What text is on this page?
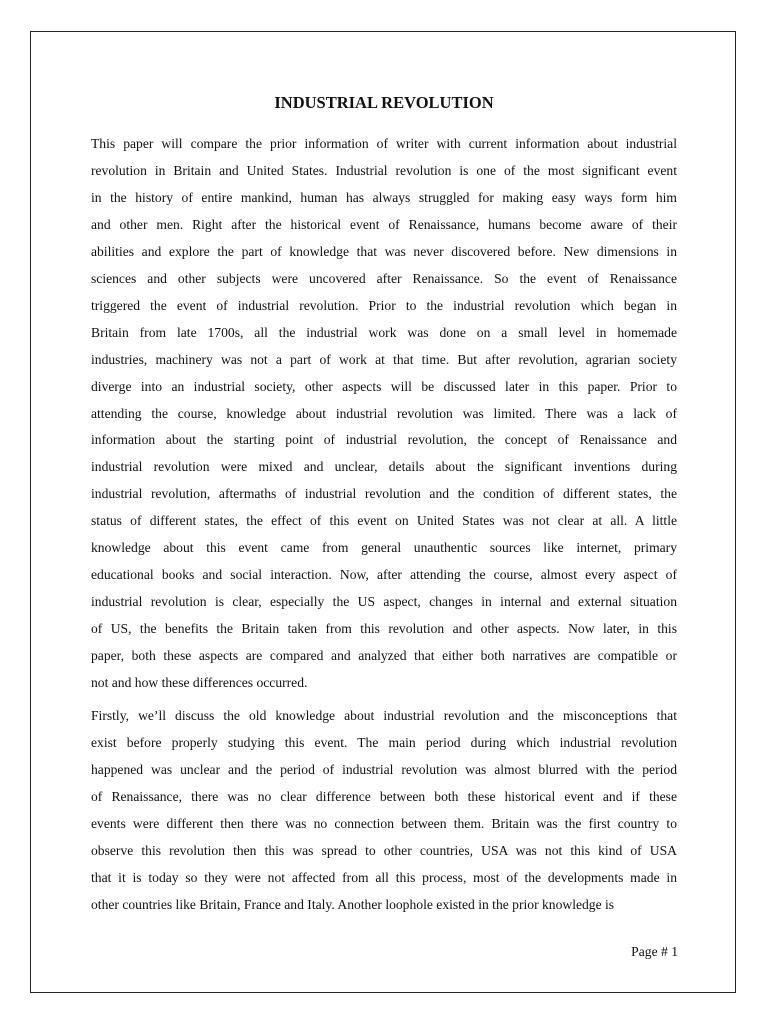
INDUSTRIAL REVOLUTION
This paper will compare the prior information of writer with current information about industrial
revolution in Britain and United States. Industrial revolution is one of the most significant event
in the history of entire mankind, human has always struggled for making easy ways form him
and other men. Right after the historical event of Renaissance, humans become aware of their
abilities and explore the part of knowledge that was never discovered before. New dimensions in
sciences and other subjects were uncovered after Renaissance. So the event of Renaissance
triggered the event of industrial revolution. Prior to the industrial revolution which began in
Britain from late 1700s, all the industrial work was done on a small level in homemade
industries, machinery was not a part of work at that time. But after revolution, agrarian society
diverge into an industrial society, other aspects will be discussed later in this paper. Prior to
attending the course, knowledge about industrial revolution was limited. There was a lack of
information about the starting point of industrial revolution, the concept of Renaissance and
industrial revolution were mixed and unclear, details about the significant inventions during
industrial revolution, aftermaths of industrial revolution and the condition of different states, the
status of different states, the effect of this event on United States was not clear at all. A little
knowledge about this event came from general unauthentic sources like internet, primary
educational books and social interaction. Now, after attending the course, almost every aspect of
industrial revolution is clear, especially the US aspect, changes in internal and external situation
of US, the benefits the Britain taken from this revolution and other aspects. Now later, in this
paper, both these aspects are compared and analyzed that either both narratives are compatible or
not and how these differences occurred.
Firstly, we’ll discuss the old knowledge about industrial revolution and the misconceptions that
exist before properly studying this event. The main period during which industrial revolution
happened was unclear and the period of industrial revolution was almost blurred with the period
of Renaissance, there was no clear difference between both these historical event and if these
events were different then there was no connection between them. Britain was the first country to
observe this revolution then this was spread to other countries, USA was not this kind of USA
that it is today so they were not affected from all this process, most of the developments made in
other countries like Britain, France and Italy. Another loophole existed in the prior knowledge is
Page # 1
